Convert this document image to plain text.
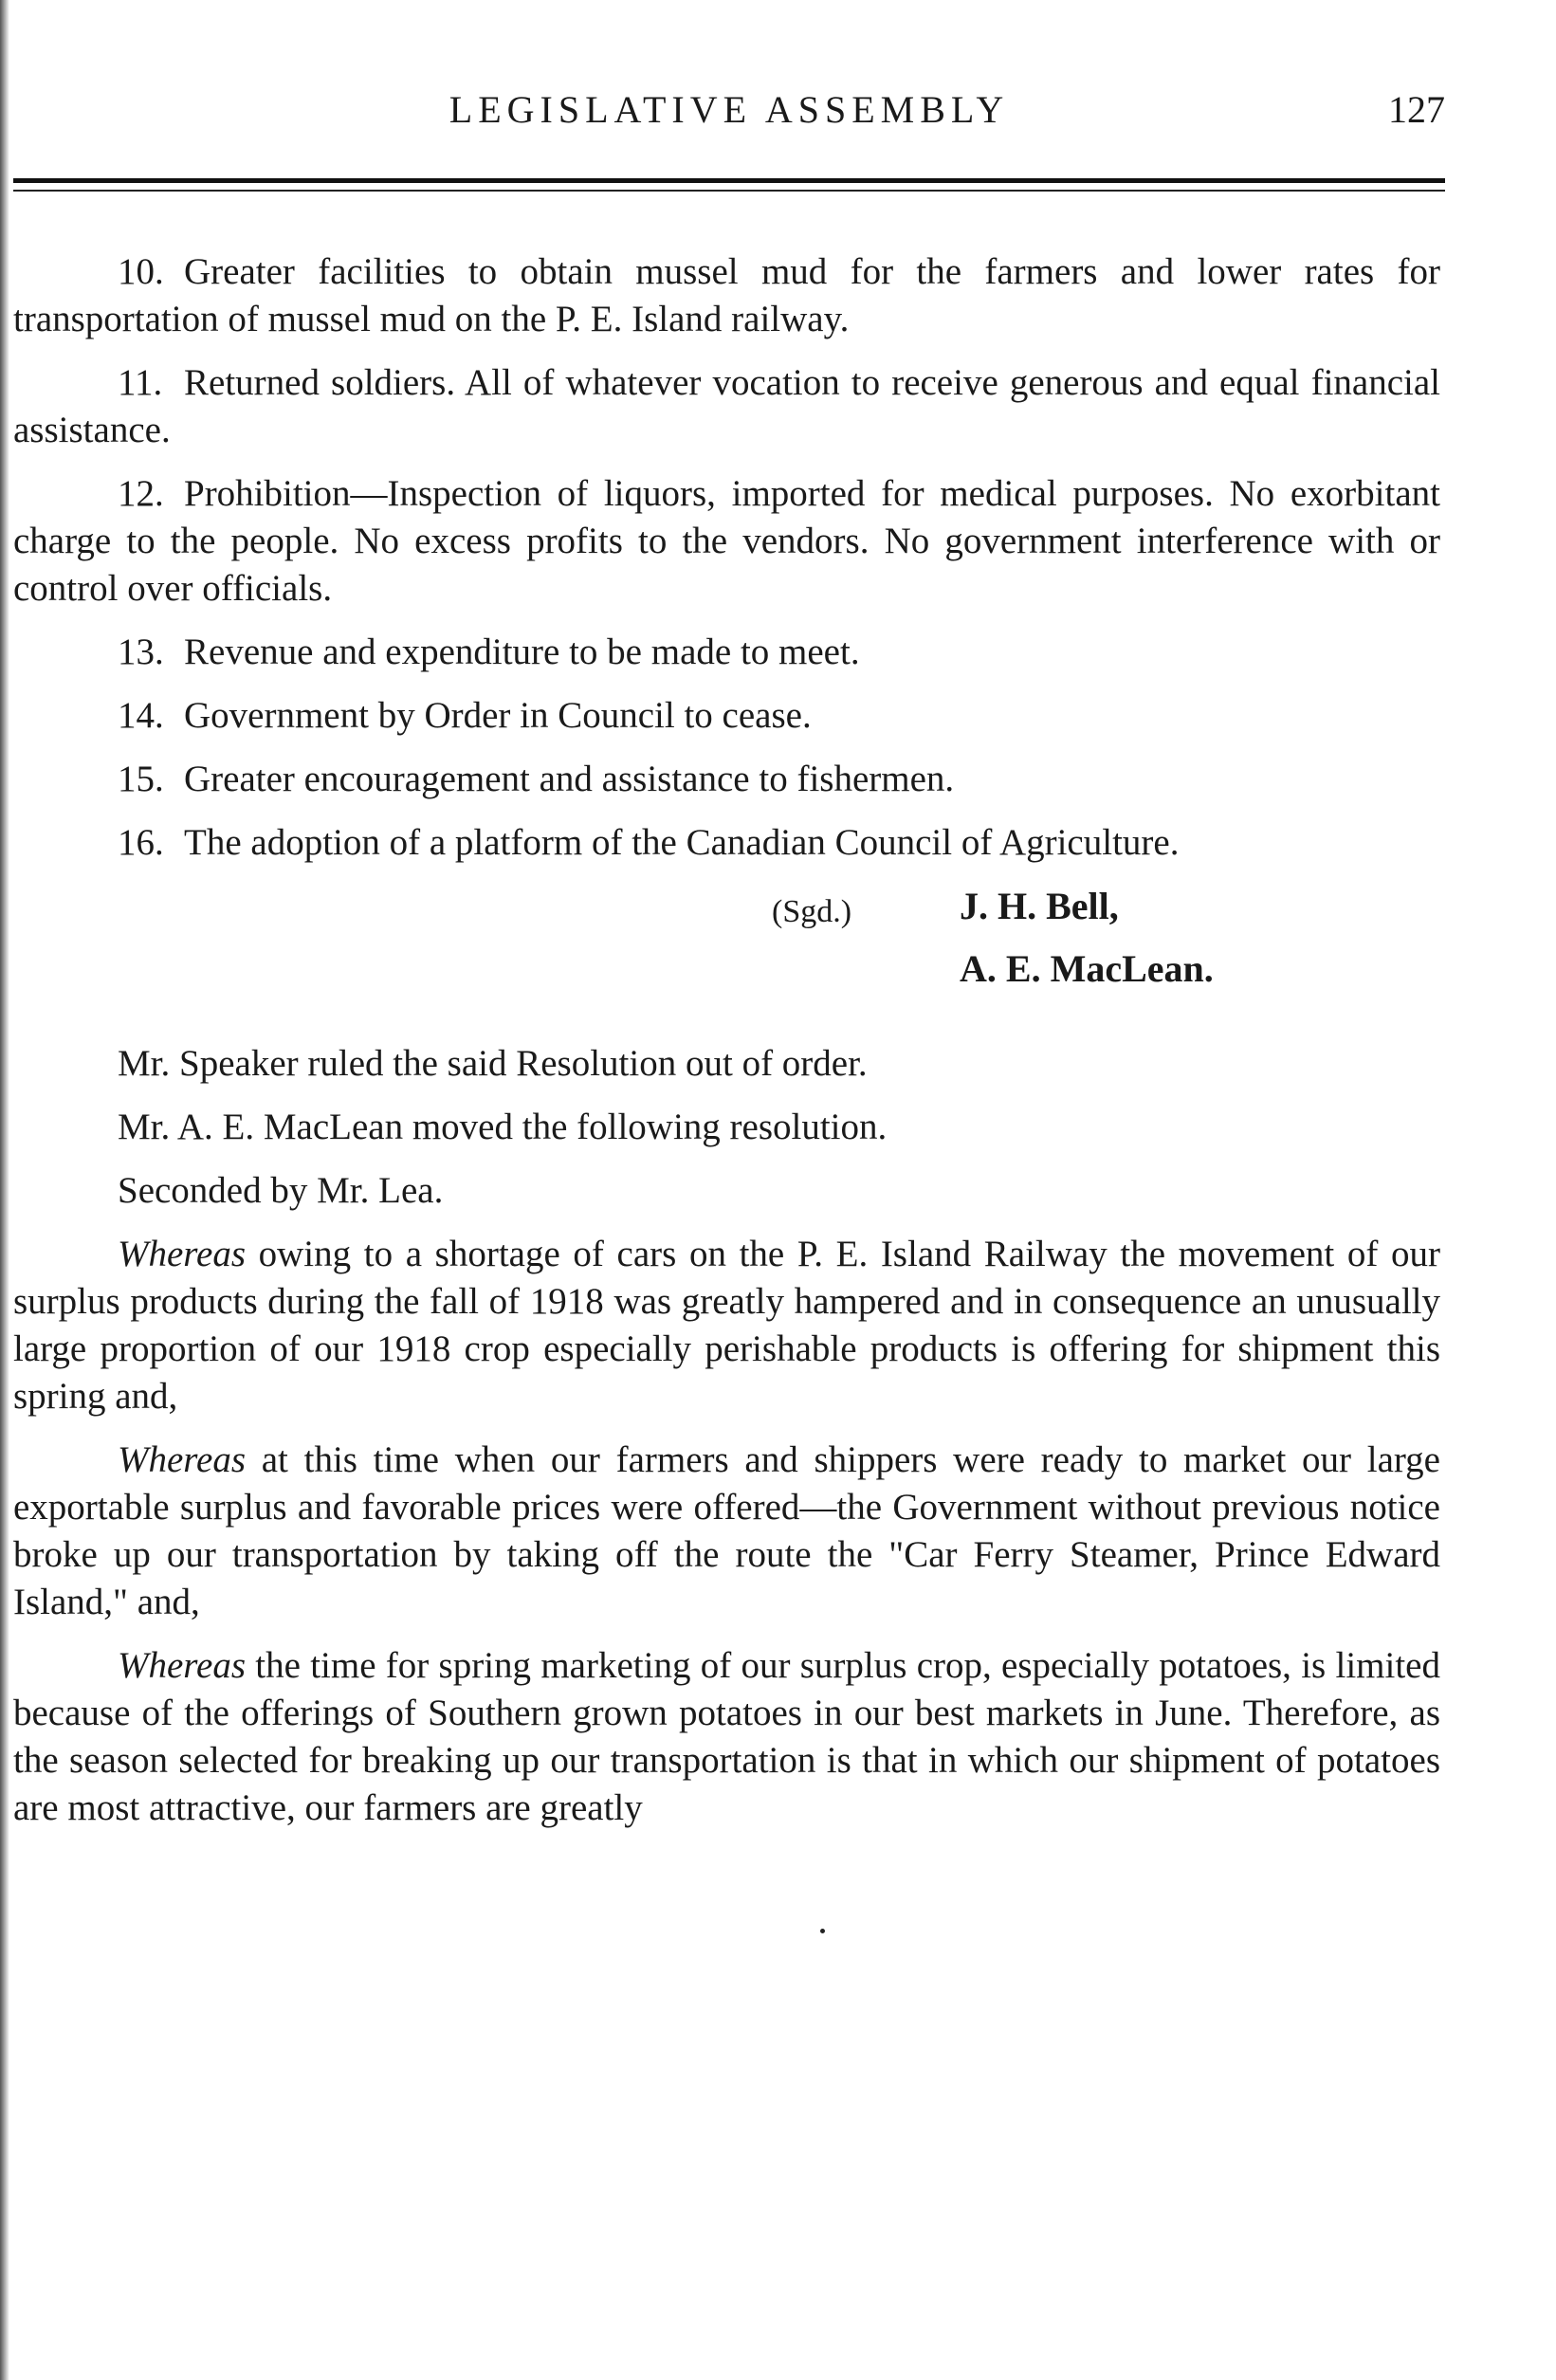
LEGISLATIVE ASSEMBLY	127

10. Greater facilities to obtain mussel mud for the farmers and lower rates for transportation of mussel mud on the P. E. Island railway.

11. Returned soldiers. All of whatever vocation to receive generous and equal financial assistance.

12. Prohibition—Inspection of liquors, imported for medical purposes. No exorbitant charge to the people. No excess profits to the vendors. No government interference with or control over officials.

13. Revenue and expenditure to be made to meet.

14. Government by Order in Council to cease.

15. Greater encouragement and assistance to fishermen.

16. The adoption of a platform of the Canadian Council of Agriculture.

(Sgd.)	J. H. Bell,
A. E. MacLean.

Mr. Speaker ruled the said Resolution out of order.

Mr. A. E. MacLean moved the following resolution.

Seconded by Mr. Lea.

Whereas owing to a shortage of cars on the P. E. Island Railway the movement of our surplus products during the fall of 1918 was greatly hampered and in consequence an unusually large proportion of our 1918 crop especially perishable products is offering for shipment this spring and,

Whereas at this time when our farmers and shippers were ready to market our large exportable surplus and favorable prices were offered—the Government without previous notice broke up our transportation by taking off the route the "Car Ferry Steamer, Prince Edward Island," and,

Whereas the time for spring marketing of our surplus crop, especially potatoes, is limited because of the offerings of Southern grown potatoes in our best markets in June. Therefore, as the season selected for breaking up our transportation is that in which our shipment of potatoes are most attractive, our farmers are greatly
